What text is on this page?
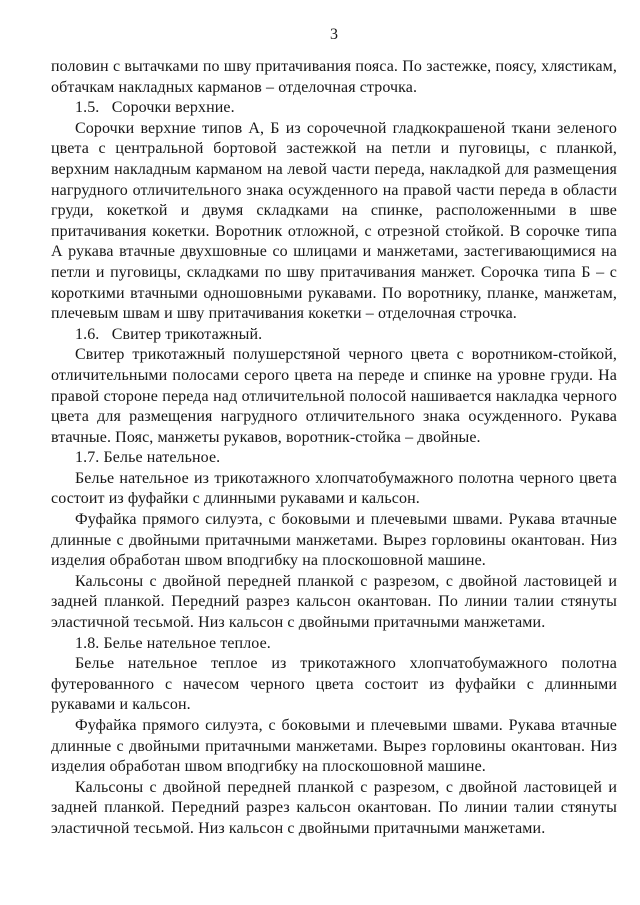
3

половин с вытачками по шву притачивания пояса. По застежке, поясу, хлястикам, обтачкам накладных карманов – отделочная строчка.

1.5.   Сорочки верхние.

Сорочки верхние типов А, Б из сорочечной гладкокрашеной ткани зеленого цвета с центральной бортовой застежкой на петли и пуговицы, с планкой, верхним накладным карманом на левой части переда, накладкой для размещения нагрудного отличительного знака осужденного на правой части переда в области груди, кокеткой и двумя складками на спинке, расположенными в шве притачивания кокетки. Воротник отложной, с отрезной стойкой. В сорочке типа А рукава втачные двухшовные со шлицами и манжетами, застегивающимися на петли и пуговицы, складками по шву притачивания манжет. Сорочка типа Б – с короткими втачными одношовными рукавами. По воротнику, планке, манжетам, плечевым швам и шву притачивания кокетки – отделочная строчка.

1.6.   Свитер трикотажный.

Свитер трикотажный полушерстяной черного цвета с воротником-стойкой, отличительными полосами серого цвета на переде и спинке на уровне груди. На правой стороне переда над отличительной полосой нашивается накладка черного цвета для размещения нагрудного отличительного знака осужденного. Рукава втачные. Пояс, манжеты рукавов, воротник-стойка – двойные.

1.7. Белье нательное.

Белье нательное из трикотажного хлопчатобумажного полотна черного цвета состоит из фуфайки с длинными рукавами и кальсон.

Фуфайка прямого силуэта, с боковыми и плечевыми швами. Рукава втачные длинные с двойными притачными манжетами. Вырез горловины окантован. Низ изделия обработан швом вподгибку на плоскошовной машине.

Кальсоны с двойной передней планкой с разрезом, с двойной ластовицей и задней планкой. Передний разрез кальсон окантован. По линии талии стянуты эластичной тесьмой. Низ кальсон с двойными притачными манжетами.

1.8. Белье нательное теплое.

Белье нательное теплое из трикотажного хлопчатобумажного полотна футерованного с начесом черного цвета состоит из фуфайки с длинными рукавами и кальсон.

Фуфайка прямого силуэта, с боковыми и плечевыми швами. Рукава втачные длинные с двойными притачными манжетами. Вырез горловины окантован. Низ изделия обработан швом вподгибку на плоскошовной машине.

Кальсоны с двойной передней планкой с разрезом, с двойной ластовицей и задней планкой. Передний разрез кальсон окантован. По линии талии стянуты эластичной тесьмой. Низ кальсон с двойными притачными манжетами.
